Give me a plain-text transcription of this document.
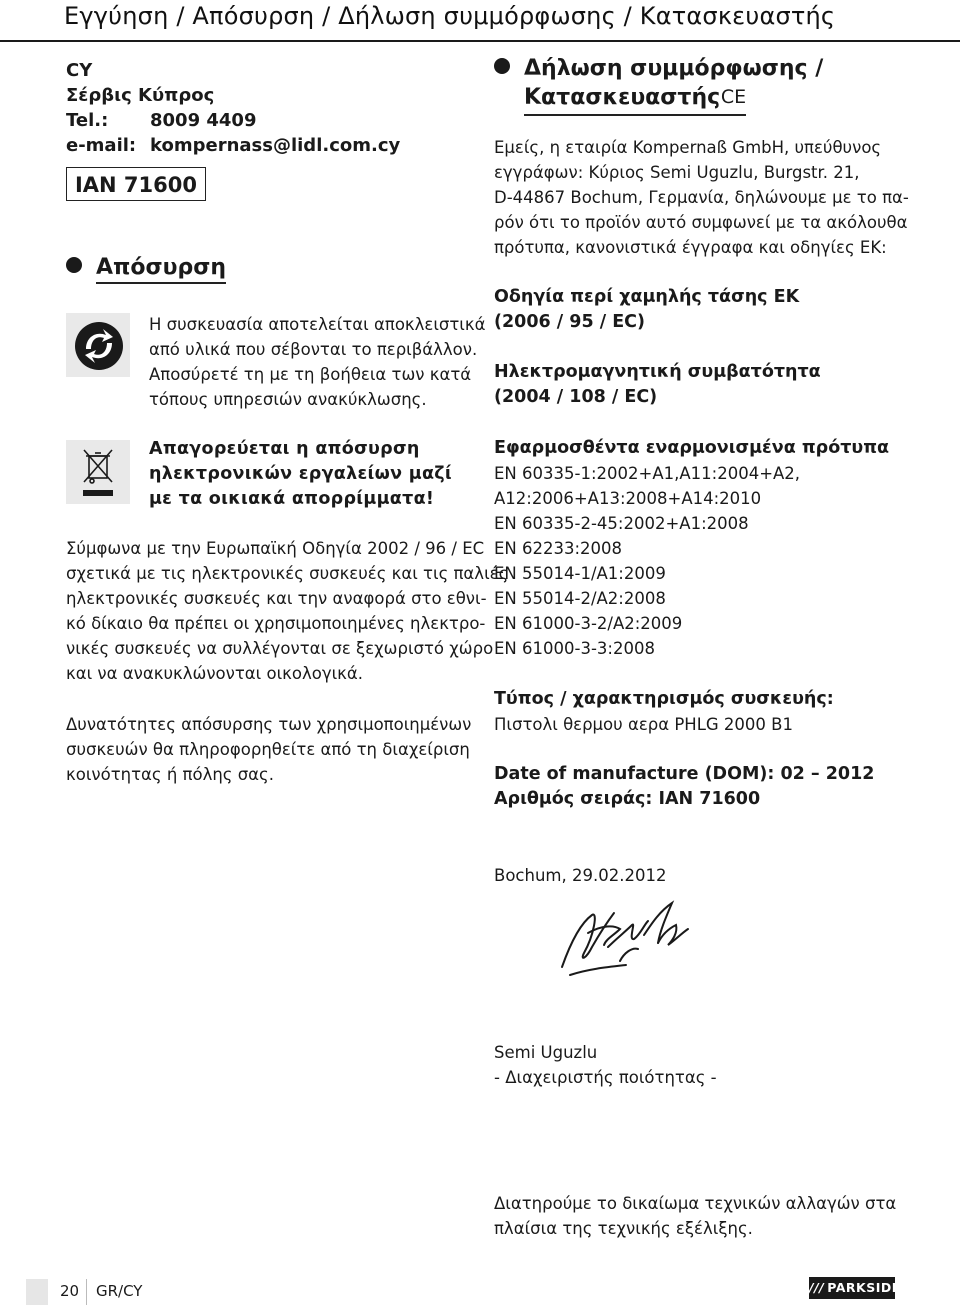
Εγγύηση / Απόσυρση / Δήλωση συμμόρφωσης / Κατασκευαστής
CY
Σέρβις Κύπρος
Tel.:	8009 4409
e-mail: kompernass@lidl.com.cy
IAN 71600
Απόσυρση
Η συσκευασία αποτελείται αποκλειστικά
από υλικά που σέβονται το περιβάλλον.
Αποσύρετέ τη με τη βοήθεια των κατά
τόπους υπηρεσιών ανακύκλωσης.
Απαγορεύεται η απόσυρση
ηλεκτρονικών εργαλείων μαζί
με τα οικιακά απορρίμματα!
Σύμφωνα με την Ευρωπαϊκή Οδηγία 2002 / 96 / EC
σχετικά με τις ηλεκτρονικές συσκευές και τις παλιές
ηλεκτρονικές συσκευές και την αναφορά στο εθνι-
κό δίκαιο θα πρέπει οι χρησιμοποιημένες ηλεκτρο-
νικές συσκευές να συλλέγονται σε ξεχωριστό χώρο
και να ανακυκλώνονται οικολογικά.
Δυνατότητες απόσυρσης των χρησιμοποιημένων
συσκευών θα πληροφορηθείτε από τη διαχείριση
κοινότητας ή πόλης σας.
Δήλωση συμμόρφωσης /
Κατασκευαστής CE
Εμείς, η εταιρία Kompernaß GmbH, υπεύθυνος
εγγράφων: Κύριος Semi Uguzlu, Burgstr. 21,
D-44867 Bochum, Γερμανία, δηλώνουμε με το πα-
ρόν ότι το προϊόν αυτό συμφωνεί με τα ακόλουθα
πρότυπα, κανονιστικά έγγραφα και οδηγίες ΕΚ:
Οδηγία περί χαμηλής τάσης ΕΚ
(2006 / 95 / EC)
Ηλεκτρομαγνητική συμβατότητα
(2004 / 108 / EC)
Εφαρμοσθέντα εναρμονισμένα πρότυπα
EN 60335-1:2002+A1,A11:2004+A2,
A12:2006+A13:2008+A14:2010
EN 60335-2-45:2002+A1:2008
EN 62233:2008
EN 55014-1/A1:2009
EN 55014-2/A2:2008
EN 61000-3-2/A2:2009
EN 61000-3-3:2008
Τύπος / χαρακτηρισμός συσκευής:
Πιστολι θερμου αερα PHLG 2000 B1
Date of manufacture (DOM): 02 – 2012
Αριθμός σειράς: IAN 71600
Bochum, 29.02.2012
Semi Uguzlu
- Διαχειριστής ποιότητας -
Διατηρούμε το δικαίωμα τεχνικών αλλαγών στα
πλαίσια της τεχνικής εξέλιξης.
20 GR/CY	/// PARKSIDE
